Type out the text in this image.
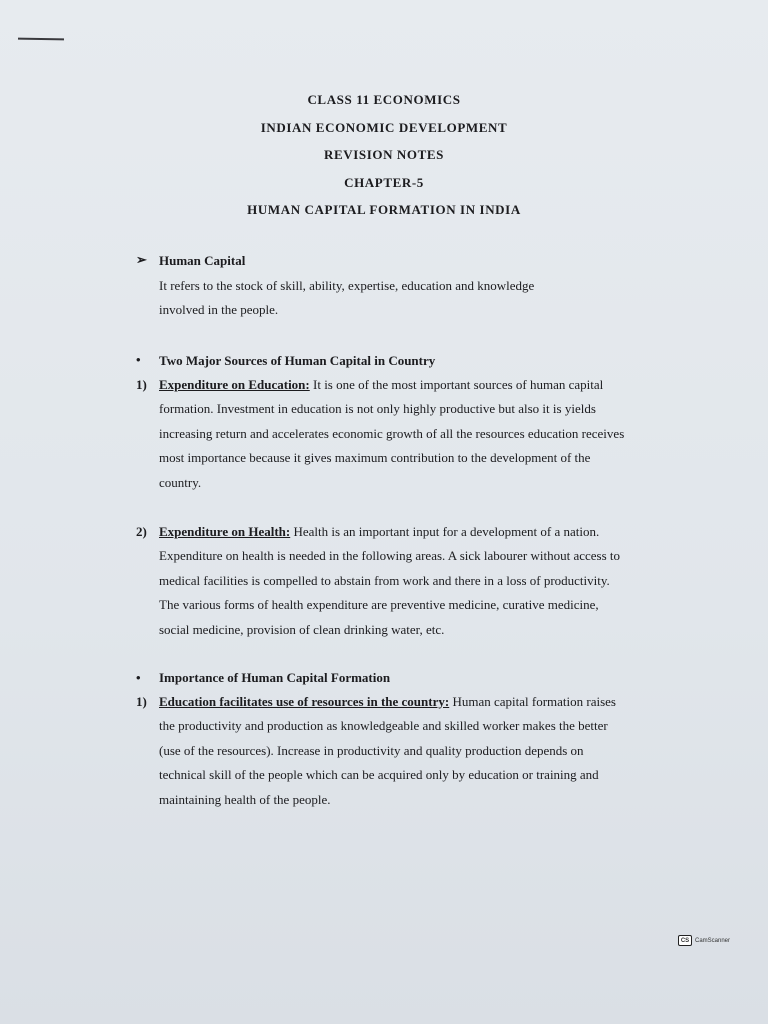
CLASS 11 ECONOMICS
INDIAN ECONOMIC DEVELOPMENT
REVISION NOTES
CHAPTER-5
HUMAN CAPITAL FORMATION IN INDIA
➢ Human Capital
It refers to the stock of skill, ability, expertise, education and knowledge
involved in the people.
• Two Major Sources of Human Capital in Country
1) Expenditure on Education: It is one of the most important sources of human capital
formation. Investment in education is not only highly productive but also it is yields
increasing return and accelerates economic growth of all the resources education receives
most importance because it gives maximum contribution to the development of the
country.
2) Expenditure on Health: Health is an important input for a development of a nation.
Expenditure on health is needed in the following areas. A sick labourer without access to
medical facilities is compelled to abstain from work and there in a loss of productivity.
The various forms of health expenditure are preventive medicine, curative medicine,
social medicine, provision of clean drinking water, etc.
• Importance of Human Capital Formation
1) Education facilitates use of resources in the country: Human capital formation raises
the productivity and production as knowledgeable and skilled worker makes the better
(use of the resources). Increase in productivity and quality production depends on
technical skill of the people which can be acquired only by education or training and
maintaining health of the people.
CS CamScanner
